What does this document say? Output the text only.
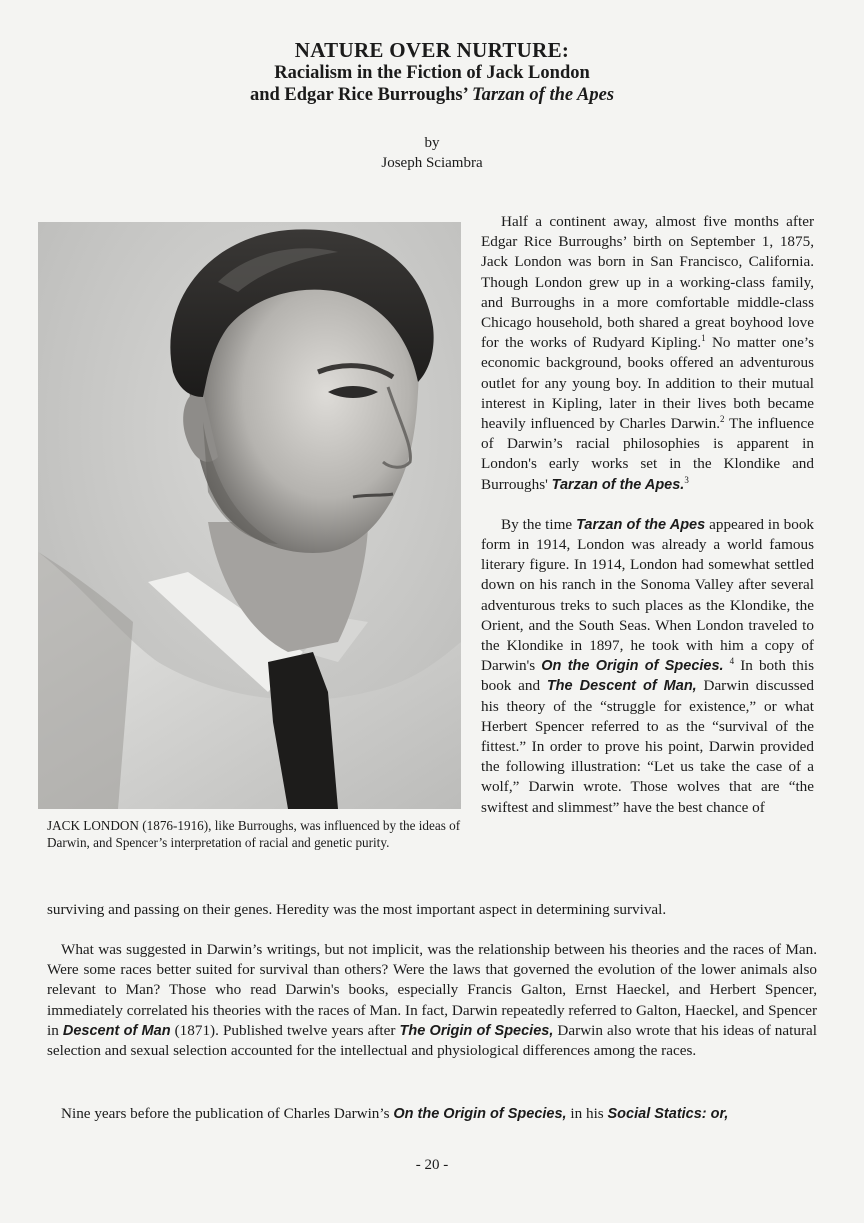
NATURE OVER NURTURE:
Racialism in the Fiction of Jack London
and Edgar Rice Burroughs’ Tarzan of the Apes
by
Joseph Sciambra
JACK LONDON (1876-1916), like Burroughs, was influenced by the ideas of Darwin, and Spencer’s interpretation of racial and genetic purity.

Half a continent away, almost five months after Edgar Rice Burroughs’ birth on September 1, 1875, Jack London was born in San Francisco, California. Though London grew up in a working-class family, and Burroughs in a more comfortable middle-class Chicago household, both shared a great boyhood love for the works of Rudyard Kipling.$^1$ No matter one’s economic background, books offered an adventurous outlet for any young boy. In addition to their mutual interest in Kipling, later in their lives both became heavily influenced by Charles Darwin.$^2$ The influence of Darwin’s racial philosophies is apparent in London's early works set in the Klondike and Burroughs' Tarzan of the Apes.$^3$

By the time Tarzan of the Apes appeared in book form in 1914, London was already a world famous literary figure. In 1914, London had somewhat settled down on his ranch in the Sonoma Valley after several adventurous treks to such places as the Klondike, the Orient, and the South Seas. When London traveled to the Klondike in 1897, he took with him a copy of Darwin's On the Origin of Species. $^4$ In both this book and The Descent of Man, Darwin discussed his theory of the “struggle for existence,” or what Herbert Spencer referred to as the “survival of the fittest.” In order to prove his point, Darwin provided the following illustration: “Let us take the case of a wolf,” Darwin wrote. Those wolves that are “the swiftest and slimmest” have the best chance of

surviving and passing on their genes. Heredity was the most important aspect in determining survival.

What was suggested in Darwin’s writings, but not implicit, was the relationship between his theories and the races of Man. Were some races better suited for survival than others? Were the laws that governed the evolution of the lower animals also relevant to Man? Those who read Darwin's books, especially Francis Galton, Ernst Haeckel, and Herbert Spencer, immediately correlated his theories with the races of Man. In fact, Darwin repeatedly referred to Galton, Haeckel, and Spencer in Descent of Man (1871). Published twelve years after The Origin of Species, Darwin also wrote that his ideas of natural selection and sexual selection accounted for the intellectual and physiological differences among the races.

Nine years before the publication of Charles Darwin’s On the Origin of Species, in his Social Statics: or,

- 20 -
